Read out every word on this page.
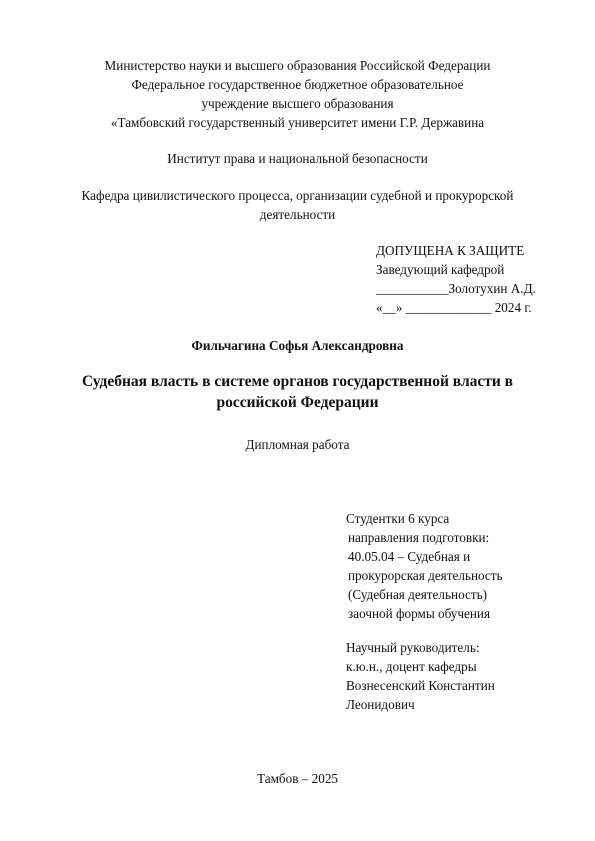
Министерство науки и высшего образования Российской Федерации
Федеральное государственное бюджетное образовательное
учреждение высшего образования
«Тамбовский государственный университет имени Г.Р. Державина
Институт права и национальной безопасности
Кафедра цивилистического процесса, организации судебной и прокурорской
деятельности
ДОПУЩЕНА К ЗАЩИТЕ
Заведующий кафедрой
___________Золотухин А.Д.
«__» _____________ 2024 г.
Фильчагина Софья Александровна
Судебная власть в системе органов государственной власти в
российской Федерации
Дипломная работа
Студентки 6 курса
направления подготовки:
40.05.04 – Судебная и
прокурорская деятельность
(Судебная деятельность)
заочной формы обучения
Научный руководитель:
к.ю.н., доцент кафедры
Вознесенский Константин
Леонидович
Тамбов – 2025
